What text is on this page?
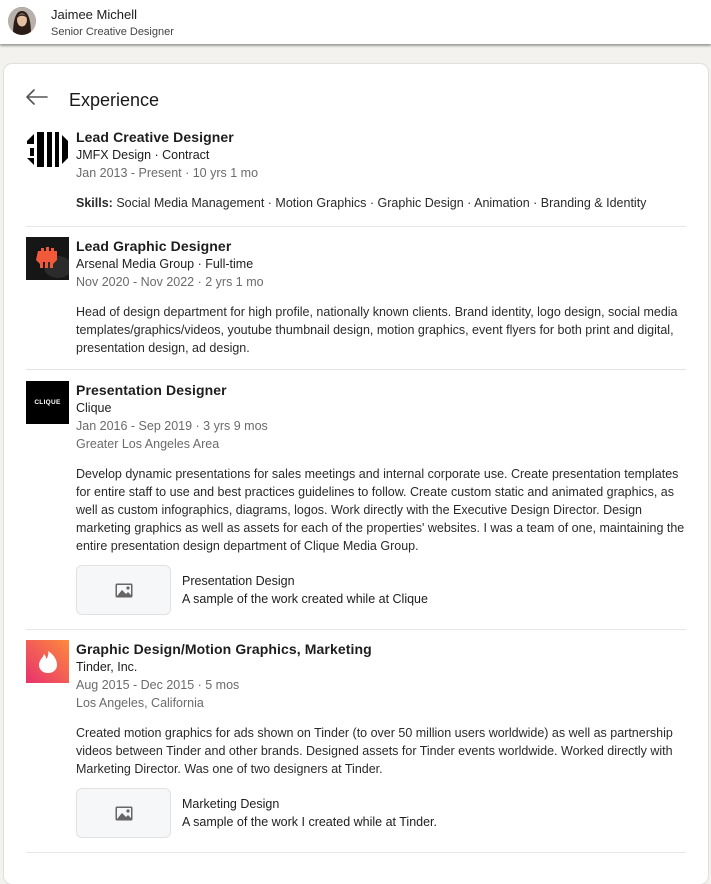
Jaimee Michell
Senior Creative Designer
Experience
Lead Creative Designer
JMFX Design · Contract
Jan 2013 - Present · 10 yrs 1 mo
Skills: Social Media Management · Motion Graphics · Graphic Design · Animation · Branding & Identity
Lead Graphic Designer
Arsenal Media Group · Full-time
Nov 2020 - Nov 2022 · 2 yrs 1 mo
Head of design department for high profile, nationally known clients. Brand identity, logo design, social media templates/graphics/videos, youtube thumbnail design, motion graphics, event flyers for both print and digital, presentation design, ad design.
CLIQUE
Presentation Designer
Clique
Jan 2016 - Sep 2019 · 3 yrs 9 mos
Greater Los Angeles Area
Develop dynamic presentations for sales meetings and internal corporate use. Create presentation templates for entire staff to use and best practices guidelines to follow. Create custom static and animated graphics, as well as custom infographics, diagrams, logos. Work directly with the Executive Design Director. Design marketing graphics as well as assets for each of the properties' websites. I was a team of one, maintaining the entire presentation design department of Clique Media Group.
Presentation Design
A sample of the work created while at Clique
Graphic Design/Motion Graphics, Marketing
Tinder, Inc.
Aug 2015 - Dec 2015 · 5 mos
Los Angeles, California
Created motion graphics for ads shown on Tinder (to over 50 million users worldwide) as well as partnership videos between Tinder and other brands. Designed assets for Tinder events worldwide. Worked directly with Marketing Director. Was one of two designers at Tinder.
Marketing Design
A sample of the work I created while at Tinder.
